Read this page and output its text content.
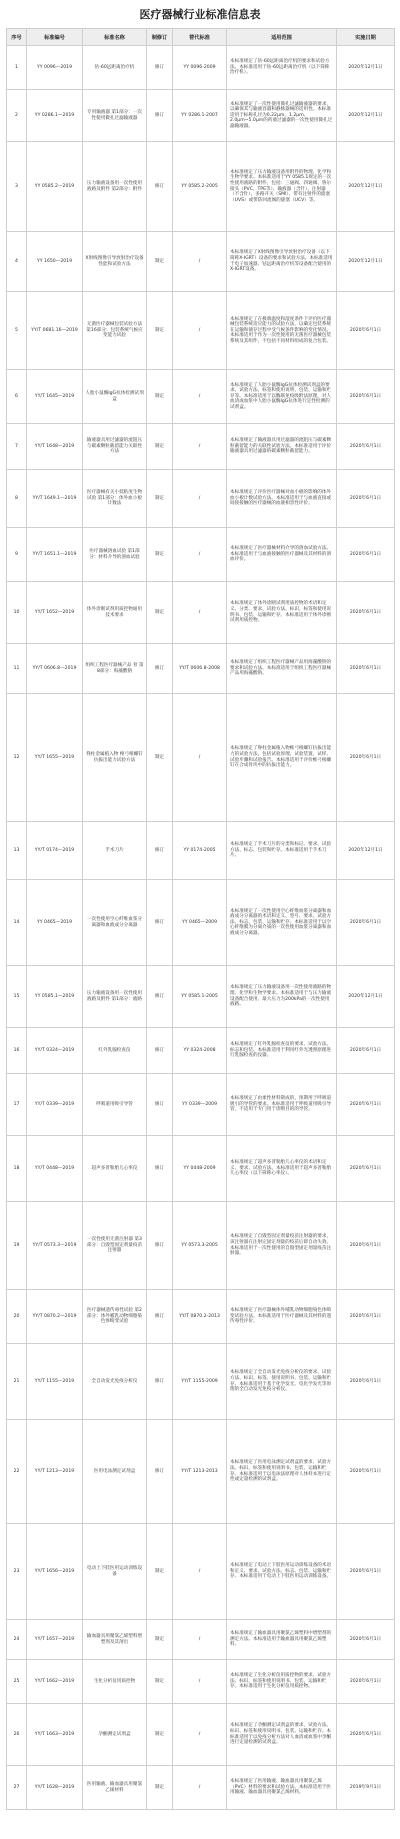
医疗器械行业标准信息表
序号	标准编号	标准名称	制修订	替代标准	适用范围	实施日期
1	YY 0096—2019	钴-60远距离治疗机	修订	YY 0096-2009	本标准规定了钴-60远距离治疗机的要求和试验方法。本标准适用于钴-60远距离治疗机（以下简称治疗机）。	2020年12月1日
2	YY 0286.1—2019	专用输液器 第1部分：一次性使用微孔过滤输液器	修订	YY 0286.1-2007	本标准规定了一次性使用微孔过滤输液器的要求，以确保其与输液容器和静脉器械的适用性。本标准适用于标称孔径为0.22μm、1.2μm、2.0μm~5.0μm的药液过滤器的一次性使用微孔过滤输液器。	2020年12月1日
3	YY 0585.2—2019	压力输液设备用一次性使用液路及附件 第2部分：附件	修订	YY 0585.2-2005	本标准规定了压力输液设备用附件的物理、化学和生物学要求。本标准适用于YY 0585.1规定的一次性使用液路的附件，包括：三通阀、四通阀、鲁尔接头（PVC、TPE等）、输液器（含针）、注射器（不含针）、多路开关（SMI）、带有注射件的旋塞（UVS）或带防回流阀的旋塞（UCV）等。	2020年12月1日
4	YY 1650—2019	X射线图像引导放射治疗设备 性能和试验方法	制定	/	本标准规定了X射线图像引导放射治疗设备（以下简称X-IGRT）设备的要求和试验方法。本标准适用于电子加速器、钴远距离治疗机等设备配合使用的X-IGRT设备。	2020年12月1日
5	YY/T 0681.16—2019	无菌医疗器械包装试验方法 第16部分：包装系统气候应变能力试验	制定	/	本标准规定了在极端温度和湿度条件下评价医疗器械包装系统适应能力的试验方法，以确定包装系统在运输和储存过程中受气候条件影响的变化情况。本标准适用于作为一次性使用的无菌医疗器械包装系统及其组件，不包括不同材料组成的复合包装。	2020年6月1日
6	YY/T 1645—2019	人胎小鼠酶IgG抗体检测试剂盒	制定	/	本标准规定了人胎小鼠酶IgG抗体检测试剂盒的要求、试验方法、标签和使用说明、包装、运输和贮存等。本标准适用于以酶联免疫吸附法原理，对人血清或血浆中人胎小鼠酶IgG抗体进行定性检测的试剂盒。	2020年6月1日
7	YY/T 1648—2019	输液器具用过滤器的流阻压与碳素颗粒截留能力关联性方法	制定	/	本标准规定了输液器具用过滤器的流阻压与碳素颗粒截留能力的关联性试验方法。本标准适用于评价输液器具用过滤器的碳素颗粒截留能力。	2020年6月1日
8	YY/T 1649.1—2019	医疗器械有关小低粘度生物试验 第1部分：体外血小板计数法	制定	/	本标准规定了评价医疗器械对血小板的影响的体外血小板计数试验方法。本标准适用于与血液直接或间接接触的医疗器械的血液相容性评价。	2020年6月1日
9	YY/T 1651.1—2019	医疗器械溶血试验 第1部分：材料介导的溶血试验	制定	/	本标准规定了医疗器械材料介导的溶血试验方法。本标准适用于与血液接触的医疗器械及其材料的溶血评价。	2020年6月1日
10	YY/T 1652—2019	体外诊断试剂用质控物通用技术要求	制定	/	本标准规定了体外诊断试剂用质控物的术语和定义、分类、要求、试验方法、标识、标签和使用说明书、包装、运输和贮存。本标准适用于体外诊断试剂用质控物。	2020年6月1日
11	YY/T 0606.8—2019	组织工程医疗器械产品 骨 第8部分：海藻酸钠	修订	YY/T 0606.8-2008	本标准规定了组织工程医疗器械产品用海藻酸钠的要求和试验方法。本标准适用于组织工程医疗器械产品用海藻酸钠。	2020年6月1日
12	YY/T 1655—2019	脊柱金属植入物 椎弓根螺钉抗拔出能力试验方法	制定	/	本标准规定了脊柱金属植入物椎弓根螺钉抗拔出能力的试验方法，包括试验原理、试验装置、试样、试验步骤和试验报告。本标准适用于评价椎弓根螺钉在合成骨块中的抗拔出能力。	2020年6月1日
13	YY/T 0174—2019	手术刀片	修订	YY 0174-2005	本标准规定了手术刀片的分类和标记、要求、试验方法、标志、包装和贮存。本标准适用于手术刀片。	2020年12月1日
14	YY 0465—2019	一次性使用空心纤维血浆分离器和血液成分分离器	修订	YY 0465—2009	本标准规定了一次性使用空心纤维血浆分离器和血液成分分离器的术语和定义、型号、要求、试验方法、标志、包装、运输和贮存。本标准适用于以空心纤维膜为分离介质的一次性使用血浆分离器和血液成分分离器。	2020年6月1日
15	YY 0585.1—2019	压力输液设备用一次性使用液路及附件 第1部分：液路	修订	YY 0585.1-2005	本标准规定了压力输液设备用一次性使用液路的物理、化学和生物学要求。本标准适用于与压力输液设备配合使用、最大压力为200kPa的一次性使用液路。	2020年12月1日
16	YY/T 0324—2019	红外乳腺检查仪	修订	YY 0324-2008	本标准规定了红外乳腺检查仪的要求、试验方法、标志和包装。本标准适用于利用红外光透照原理进行乳腺检查的仪器。	2020年6月1日
17	YY/T 0339—2019	呼吸道用吸引导管	修订	YY 0339—2009	本标准规定了由柔性材料制成的、预期用于呼吸道吸引的导管的要求。本标准适用于呼吸道用吸引导管，不适用于专门用于诊断目的的导管。	2020年6月1日
18	YY/T 0448—2019	超声多普勒胎儿心率仪	修订	YY 0448-2009	本标准规定了超声多普勒胎儿心率仪的术语和定义、要求、试验方法。本标准适用于超声多普勒胎儿心率仪（以下简称心率仪）。	2020年6月1日
19	YY/T 0573.3—2019	一次性使用无菌注射器 第3部分：自毁型固定剂量疫苗注射器	修订	YY 0573.3-2005	本标准规定了自毁型固定剂量疫苗注射器的要求，该注射器在注射完固定剂量的疫苗后即自动失效。本标准适用于一次性使用的自毁型固定剂量疫苗注射器。	2020年6月1日
20	YY/T 0870.2—2019	医疗器械遗传毒性试验 第2部分：体外哺乳动物细胞染色体畸变试验	修订	YY/T 0870.2-2013	本标准规定了医疗器械体外哺乳动物细胞染色体畸变试验方法。本标准适用于医疗器械及其材料的遗传毒性评价。	2020年6月1日
21	YY/T 1155—2019	全自动发光免疫分析仪	修订	YY/T 1155-2009	本标准规定了全自动发光免疫分析仪的要求、试验方法、标识、标签、使用说明书、包装、运输和贮存。本标准适用于基于化学发光、电化学发光等原理的全自动发光免疫分析仪。	2020年6月1日
22	YY/T 1213—2019	医用电泳测定试剂盒	修订	YY/T 1213-2013	本标准规定了医用电泳测定试剂盒的要求、试验方法、标识、标签和使用说明书、包装、运输和贮存。本标准适用于以电泳法原理对人体样本进行定性或定量检测的试剂盒。	2020年6月1日
23	YY/T 1656—2019	电动上下肢医用运动训练设备	制定	/	本标准规定了电动上下肢医用运动训练设备的术语和定义、要求、试验方法、标志、包装、运输和贮存。本标准适用于电动上下肢医用运动训练设备。	2020年6月1日
24	YY/T 1657—2019	输血器具用聚氯乙烯塑料增塑剂及其溶出	制定	/	本标准规定了输血器具用聚氯乙烯塑料中增塑剂的测定方法。本标准适用于输血器具用聚氯乙烯塑料。	2020年6月1日
25	YY/T 1662—2019	生化分析仪用质控物	制定	/	本标准规定了生化分析仪用质控物的要求、试验方法、标识、标签和使用说明书、包装、运输和贮存。本标准适用于生化分析仪用质控物。	2020年6月1日
26	YY/T 1663—2019	孕酮测定试剂盒	制定	/	本标准规定了孕酮测定试剂盒的要求、试验方法、标识、标签和使用说明书、包装、运输和贮存。本标准适用于以免疫分析方法对人血清或血浆中孕酮进行定量检测的试剂盒。	2020年6月1日
27	YY/T 1628—2019	医用输液、输血器具用聚氯乙烯材料	制定	/	本标准规定了医用输液、输血器具用聚氯乙烯（PVC）材料的要求和试验方法。本标准适用于医用输液、输血器具用聚氯乙烯材料。	2019年9月1日
